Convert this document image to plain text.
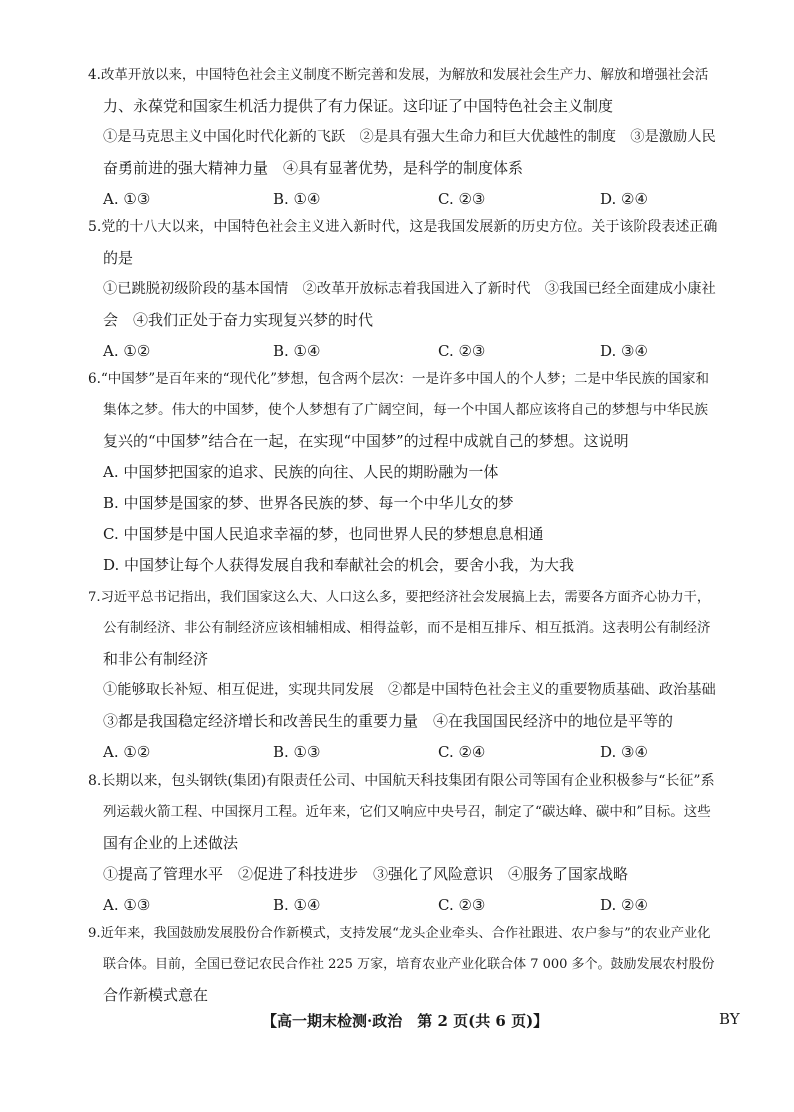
4.改革开放以来，中国特色社会主义制度不断完善和发展，为解放和发展社会生产力、解放和增强社会活
力、永葆党和国家生机活力提供了有力保证。这印证了中国特色社会主义制度
①是马克思主义中国化时代化新的飞跃　②是具有强大生命力和巨大优越性的制度　③是激励人民
奋勇前进的强大精神力量　④具有显著优势，是科学的制度体系
A. ①③	B. ①④	C. ②③	D. ②④
5.党的十八大以来，中国特色社会主义进入新时代，这是我国发展新的历史方位。关于该阶段表述正确
的是
①已跳脱初级阶段的基本国情　②改革开放标志着我国进入了新时代　③我国已经全面建成小康社
会　④我们正处于奋力实现复兴梦的时代
A. ①②	B. ①④	C. ②③	D. ③④
6.“中国梦”是百年来的“现代化”梦想，包含两个层次：一是许多中国人的个人梦；二是中华民族的国家和
集体之梦。伟大的中国梦，使个人梦想有了广阔空间，每一个中国人都应该将自己的梦想与中华民族
复兴的“中国梦”结合在一起，在实现“中国梦”的过程中成就自己的梦想。这说明
A. 中国梦把国家的追求、民族的向往、人民的期盼融为一体
B. 中国梦是国家的梦、世界各民族的梦、每一个中华儿女的梦
C. 中国梦是中国人民追求幸福的梦，也同世界人民的梦想息息相通
D. 中国梦让每个人获得发展自我和奉献社会的机会，要舍小我，为大我
7.习近平总书记指出，我们国家这么大、人口这么多，要把经济社会发展搞上去，需要各方面齐心协力干，
公有制经济、非公有制经济应该相辅相成、相得益彰，而不是相互排斥、相互抵消。这表明公有制经济
和非公有制经济
①能够取长补短、相互促进，实现共同发展　②都是中国特色社会主义的重要物质基础、政治基础
③都是我国稳定经济增长和改善民生的重要力量　④在我国国民经济中的地位是平等的
A. ①②	B. ①③	C. ②④	D. ③④
8.长期以来，包头钢铁(集团)有限责任公司、中国航天科技集团有限公司等国有企业积极参与“长征”系
列运载火箭工程、中国探月工程。近年来，它们又响应中央号召，制定了“碳达峰、碳中和”目标。这些
国有企业的上述做法
①提高了管理水平　②促进了科技进步　③强化了风险意识　④服务了国家战略
A. ①③	B. ①④	C. ②③	D. ②④
9.近年来，我国鼓励发展股份合作新模式，支持发展“龙头企业牵头、合作社跟进、农户参与”的农业产业化
联合体。目前，全国已登记农民合作社 225 万家，培育农业产业化联合体 7 000 多个。鼓励发展农村股份
合作新模式意在
【高一期末检测·政治　第 2 页(共 6 页)】	BY
